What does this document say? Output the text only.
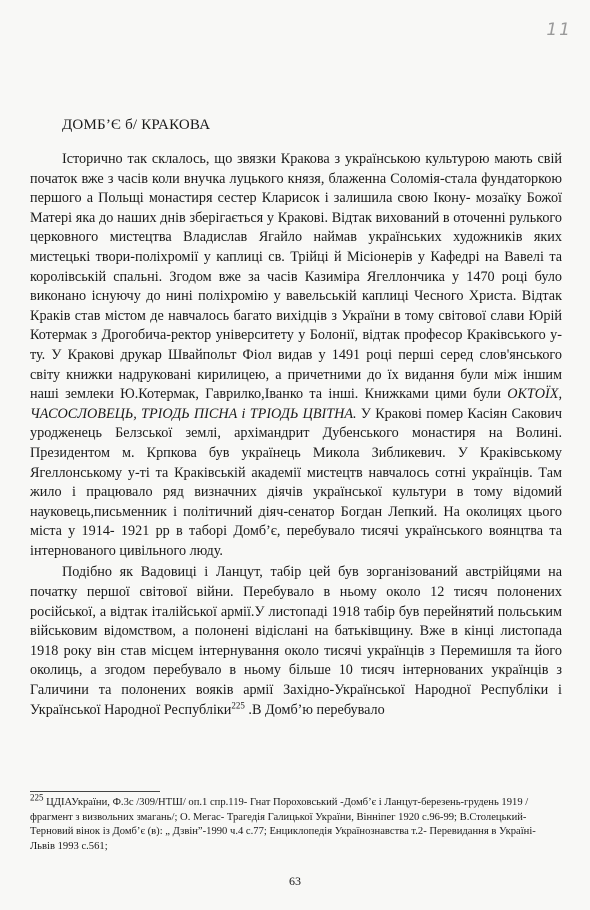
11
ДОМБ’Є б/ КРАКОВА

Історично так склалось, що звязки Кракова з українською культурою мають свій початок вже з часів коли внучка луцького князя, блаженна Соломія-стала фундаторкою першого а Польщі монастиря сестер Кларисок і залишила свою Ікону- мозаїку Божої Матері яка до наших днів зберігається у Кракові. Відтак вихований в оточенні рулького церковного мистецтва Владислав Ягайло наймав українських художників яких мистецькі твори-поліхромії у каплиці св. Трійці й Місіонерів у Кафедрі на Вавелі та королівській спальні. Згодом вже за часів Казиміра Ягеллончика у 1470 році було виконано існуючу до нині поліхромію у вавельській каплиці Чесного Христа. Відтак Краків став містом де навчалось багато вихідців з України в тому світової слави Юрій Котермак з Дрогобича-ректор університету у Болонії, відтак професор Краківського у-ту. У Кракові друкар Швайпольт Фіол видав у 1491 році перші серед слов'янського світу книжки надруковані кирилицею, а причетними до їх видання були між іншим наші землеки Ю.Котермак, Гаврилко,Іванко та інші. Книжками цими були ОКТОЇХ, ЧАСОСЛОВЕЦЬ, ТРІОДЬ ПІСНА і ТРІОДЬ ЦВІТНА. У Кракові помер Касіян Сакович уродженець Белзської землі, архімандрит Дубенського монастиря на Волині. Президентом м. Крпкова був українець Микола Зибликевич. У Краківському Ягеллонському у-ті та Краківській академії мистецтв навчалось сотні українців. Там жило і працювало ряд визначних діячів української культури в тому відомий науковець,письменник і політичний діяч-сенатор Богдан Лепкий. На околицях цього міста у 1914- 1921 рр в таборі Домб’є, перебувало тисячі українського воянцтва та інтернованого цивільного люду.

Подібно як Вадовиці і Ланцут, табір цей був зорганізований австрійцями на початку першої світової війни. Перебувало в ньому около 12 тисяч полонених російської, а відтак італійської армії.У листопаді 1918 табір був перейнятий польським військовим відомством, а полонені відіслані на батьківщину. Вже в кінці листопада 1918 року він став місцем інтернування около тисячі українців з Перемишля та його околиць, а згодом перебувало в ньому більше 10 тисяч інтернованих українців з Галичини та полонених вояків армії Західно-Української Народної Республіки і Української Народної Республіки$^{225}$ .В Домб’ю перебувало

$^{225}$ ЦДІАУкраїни, Ф.3с /309/НТШ/ оп.1 спр.119- Гнат Пороховський -Домб’є і Ланцут-березень-грудень 1919 / фрагмент з визвольних змагань/; О. Мегас- Трагедія Галицької України, Вінніпег 1920 с.96-99; В.Столецький- Терновий вінок із Домб’є (в): „ Дзвін”-1990 ч.4 с.77; Енциклопедія Українознавства т.2- Перевидання в Україні- Львів 1993 с.561;
63
